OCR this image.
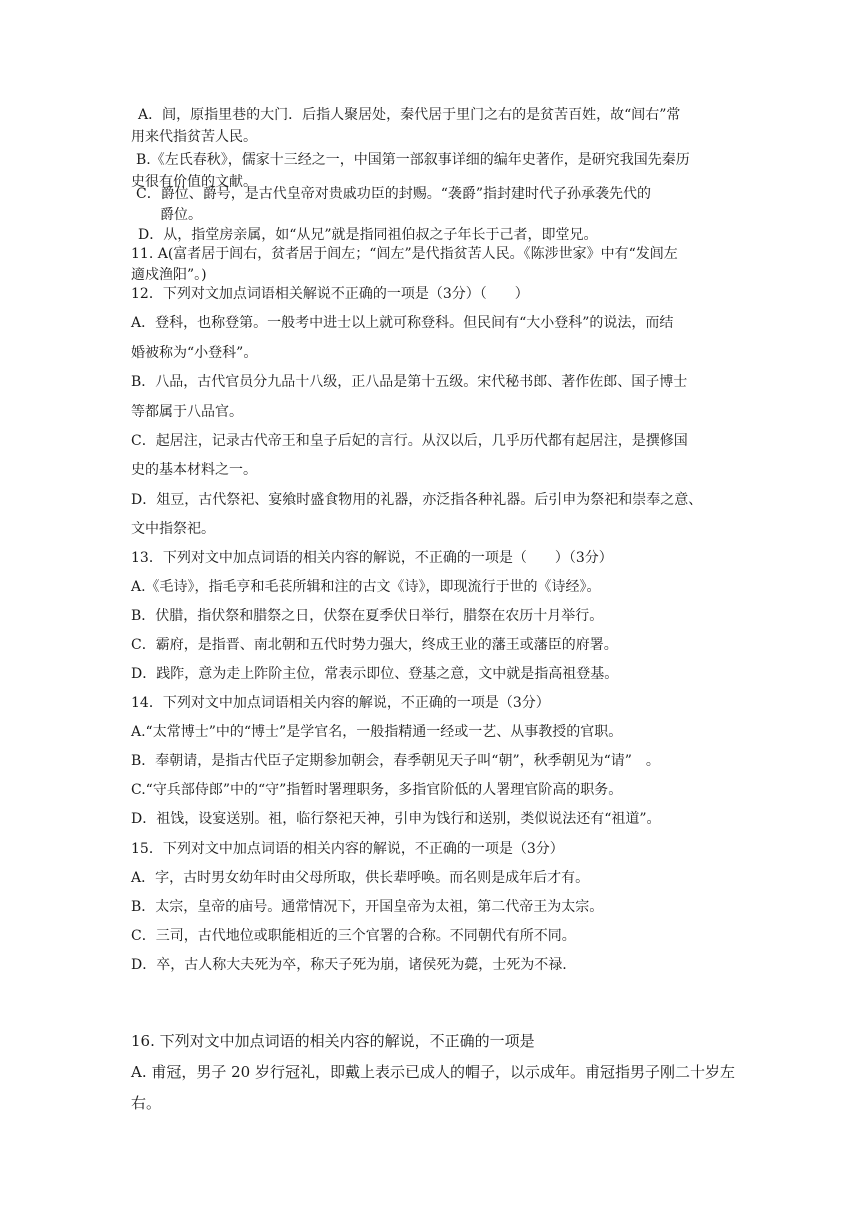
A．闾，原指里巷的大门．后指人聚居处，秦代居于里门之右的是贫苦百姓，故“闾右”常
用来代指贫苦人民。
B.《左氏春秋》，儒家十三经之一，中国第一部叙事详细的编年史著作，是研究我国先秦历
史很有价值的文献。
C．爵位、爵号，是古代皇帝对贵戚功臣的封赐。“袭爵”指封建时代子孙承袭先代的
爵位。
D．从，指堂房亲属，如“从兄”就是指同祖伯叔之子年长于己者，即堂兄。
11. A(富者居于闾右，贫者居于闾左；“闾左”是代指贫苦人民。《陈涉世家》中有“发闾左
適戍渔阳”。)
12．下列对文加点词语相关解说不正确的一项是（3分）（　　）
A．登科，也称登第。一般考中进士以上就可称登科。但民间有“大小登科”的说法，而结
婚被称为“小登科”。
B．八品，古代官员分九品十八级，正八品是第十五级。宋代秘书郎、著作佐郎、国子博士
等都属于八品官。
C．起居注，记录古代帝王和皇子后妃的言行。从汉以后，几乎历代都有起居注，是撰修国
史的基本材料之一。
D．俎豆，古代祭祀、宴飨时盛食物用的礼器，亦泛指各种礼器。后引申为祭祀和崇奉之意、
文中指祭祀。
13．下列对文中加点词语的相关内容的解说，不正确的一项是（　　）（3分）
A.《毛诗》，指毛亨和毛苌所辑和注的古文《诗》，即现流行于世的《诗经》。
B．伏腊，指伏祭和腊祭之日，伏祭在夏季伏日举行，腊祭在农历十月举行。
C．霸府，是指晋、南北朝和五代时势力强大，终成王业的藩王或藩臣的府署。
D．践阼，意为走上阼阶主位，常表示即位、登基之意，文中就是指高祖登基。
14．下列对文中加点词语相关内容的解说，不正确的一项是（3分）
A.“太常博士”中的“博士”是学官名，一般指精通一经或一艺、从事教授的官职。
B．奉朝请，是指古代臣子定期参加朝会，春季朝见天子叫“朝”，秋季朝见为“请”　。
C.“守兵部侍郎”中的“守”指暂时署理职务，多指官阶低的人署理官阶高的职务。
D．祖饯，设宴送别。祖，临行祭祀天神，引申为饯行和送别，类似说法还有“祖道”。
15．下列对文中加点词语的相关内容的解说，不正确的一项是（3分）
A．字，古时男女幼年时由父母所取，供长辈呼唤。而名则是成年后才有。
B．太宗，皇帝的庙号。通常情况下，开国皇帝为太祖，第二代帝王为太宗。
C．三司，古代地位或职能相近的三个官署的合称。不同朝代有所不同。
D．卒，古人称大夫死为卒，称天子死为崩，诸侯死为薨，士死为不禄.
16. 下列对文中加点词语的相关内容的解说，不正确的一项是
A. 甫冠，男子 20 岁行冠礼，即戴上表示已成人的帽子，以示成年。甫冠指男子刚二十岁左
右。
